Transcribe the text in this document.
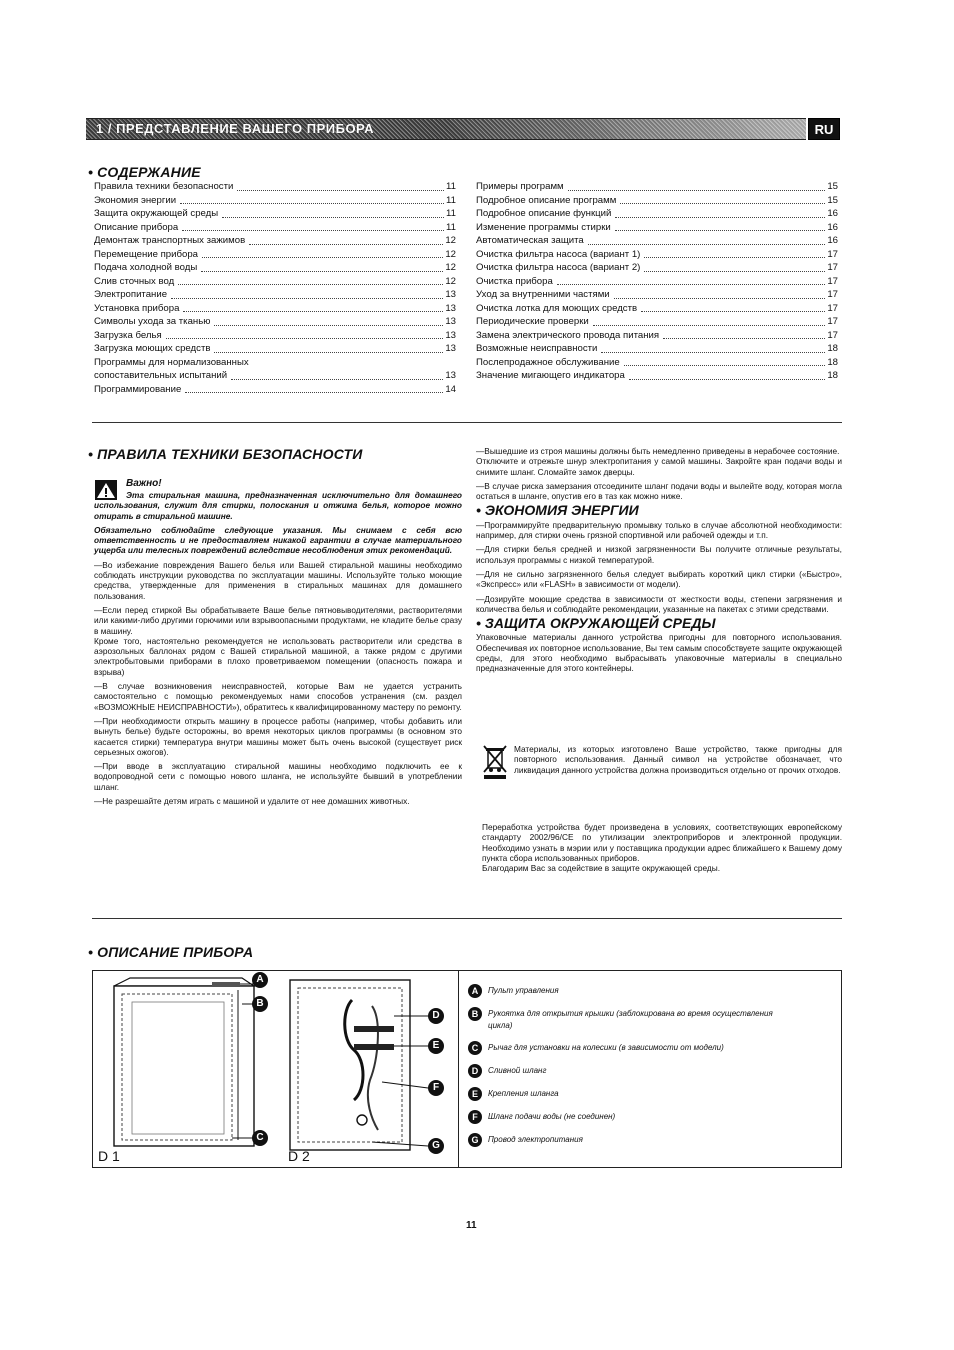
1 / ПРЕДСТАВЛЕНИЕ ВАШЕГО ПРИБОРА	RU
• СОДЕРЖАНИЕ
Правила техники безопасности	11
Экономия энергии	11
Защита окружающей среды	11
Описание прибора	11
Демонтаж транспортных зажимов	12
Перемещение прибора	12
Подача холодной воды	12
Слив сточных вод	12
Электропитание	13
Установка прибора	13
Символы ухода за тканью	13
Загрузка белья	13
Загрузка моющих средств	13
Программы для нормализованных
сопоставительных испытаний	13
Программирование	14
Примеры программ	15
Подробное описание программ	15
Подробное описание функций	16
Изменение программы стирки	16
Автоматическая защита	16
Очистка фильтра насоса (вариант 1)	17
Очистка фильтра насоса (вариант 2)	17
Очистка прибора	17
Уход за внутренними частями	17
Очистка лотка для моющих средств	17
Периодические проверки	17
Замена электрического провода питания	17
Возможные неисправности	18
Послепродажное обслуживание	18
Значение мигающего индикатора	18
• ПРАВИЛА ТЕХНИКИ БЕЗОПАСНОСТИ
Важно!

Эта стиральная машина, предназначенная исключительно для домашнего использования, служит для стирки, полоскания и отжима белья, которое можно отирать в стиральной машине.

Обязательно соблюдайте следующие указания. Мы снимаем с себя всю ответственность и не предоставляем никакой гарантии в случае материального ущерба или телесных повреждений вследствие несоблюдения этих рекомендаций.

—Во избежание повреждения Вашего белья или Вашей стиральной машины необходимо соблюдать инструкции руководства по эксплуатации машины. Используйте только моющие средства, утвержденные для применения в стиральных машинах для домашнего пользования.

—Если перед стиркой Вы обрабатываете Ваше белье пятновыводителями, растворителями или какими-либо другими горючими или взрывоопасными продуктами, не кладите белье сразу в машину.

Кроме того, настоятельно рекомендуется не использовать растворители или средства в аэрозольных баллонах рядом с Вашей стиральной машиной, а также рядом с другими электробытовыми приборами в плохо проветриваемом помещении (опасность пожара и взрыва)

—В случае возникновения неисправностей, которые Вам не удается устранить самостоятельно с помощью рекомендуемых нами способов устранения (см. раздел «ВОЗМОЖНЫЕ НЕИСПРАВНОСТИ»), обратитесь к квалифицированному мастеру по ремонту.

—При необходимости открыть машину в процессе работы (например, чтобы добавить или вынуть белье) будьте осторожны, во время некоторых циклов программы (в основном это касается стирки) температура внутри машины может быть очень высокой (существует риск серьезных ожогов).

—При вводе в эксплуатацию стиральной машины необходимо подключить ее к водопроводной сети с помощью нового шланга, не используйте бывший в употреблении шланг.

—Не разрешайте детям играть с машиной и удалите от нее домашних животных.

—Вышедшие из строя машины должны быть немедленно приведены в нерабочее состояние.

Отключите и отрежьте шнур электропитания у самой машины. Закройте кран подачи воды и снимите шланг. Сломайте замок дверцы.

—В случае риска замерзания отсоедините шланг подачи воды и вылейте воду, которая могла остаться в шланге, опустив его в таз как можно ниже.

• ЭКОНОМИЯ ЭНЕРГИИ

—Программируйте предварительную промывку только в случае абсолютной необходимости: например, для стирки очень грязной спортивной или рабочей одежды и т.п.

—Для стирки белья средней и низкой загрязненности Вы получите отличные результаты, используя программы с низкой температурой.

—Для не сильно загрязненного белья следует выбирать короткий цикл стирки («Быстро», «Экспресс» или «FLASH» в зависимости от модели).

—Дозируйте моющие средства в зависимости от жесткости воды, степени загрязнения и количества белья и соблюдайте рекомендации, указанные на пакетах с этими средствами.

• ЗАЩИТА ОКРУЖАЮЩЕЙ СРЕДЫ

Упаковочные материалы данного устройства пригодны для повторного использования. Обеспечивая их повторное использование, Вы тем самым способствуете защите окружающей среды, для этого необходимо выбрасывать упаковочные материалы в специально предназначенные для этого контейнеры.

Материалы, из которых изготовлено Ваше устройство, также пригодны для повторного использования. Данный символ на устройстве обозначает, что ликвидация данного устройства должна производиться отдельно от прочих отходов.

Переработка устройства будет произведена в условиях, соответствующих европейскому стандарту 2002/96/CE по утилизации электроприборов и электронной продукции. Необходимо узнать в мэрии или у поставщика продукции адрес ближайшего к Вашему дому пункта сбора использованных приборов.

Благодарим Вас за содействие в защите окружающей среды.

• ОПИСАНИЕ ПРИБОРА
A
B
C
D 1
D
E
F
G
D 2
A	Пульт управления
B	Рукоятка для открытия крышки (заблокирована во время осуществления цикла)
C	Рычаг для установки на колесики (в зависимости от модели)
D	Сливной шланг
E	Крепления шланга
F	Шланг подачи воды (не соединен)
G	Провод электропитания
11
